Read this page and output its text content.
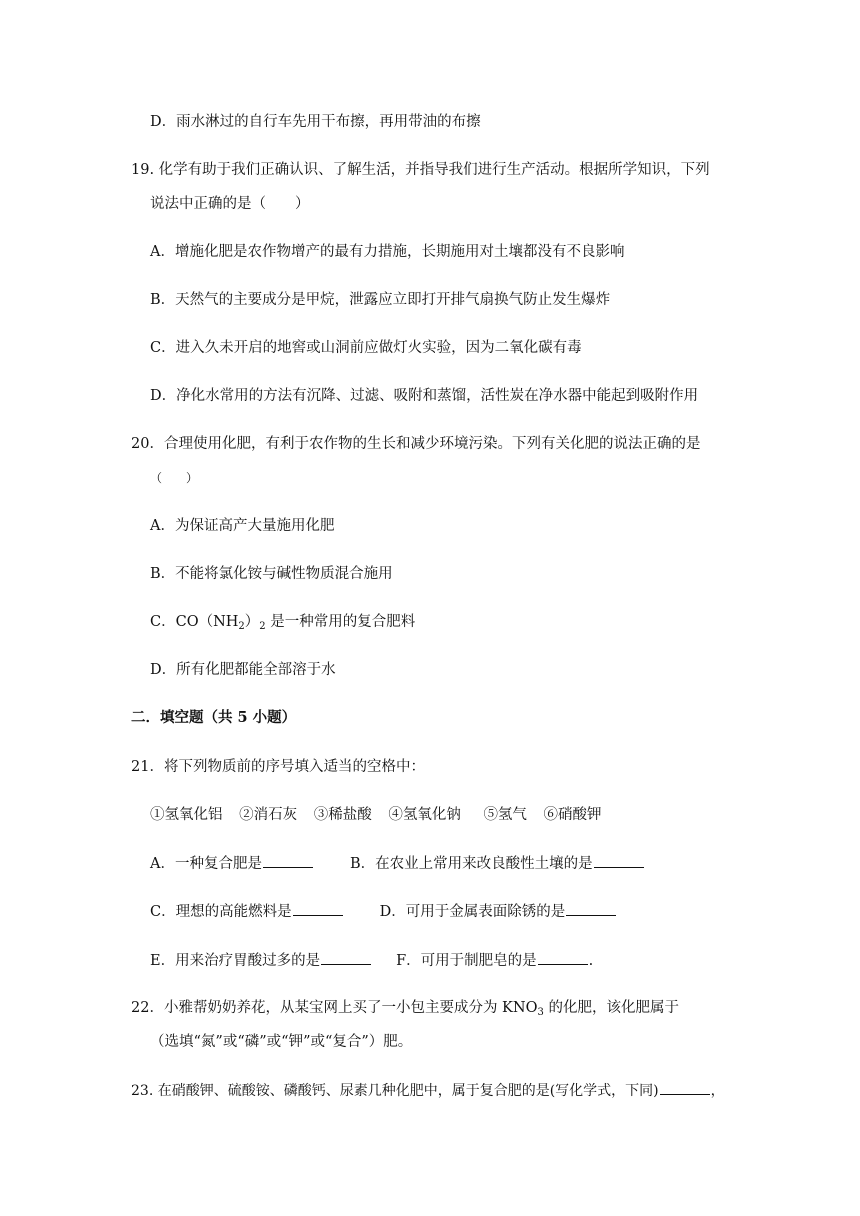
D．雨水淋过的自行车先用干布擦，再用带油的布擦
19. 化学有助于我们正确认识、了解生活，并指导我们进行生产活动。根据所学知识，下列
说法中正确的是（　　）
A．增施化肥是农作物增产的最有力措施，长期施用对土壤都没有不良影响
B．天然气的主要成分是甲烷，泄露应立即打开排气扇换气防止发生爆炸
C．进入久未开启的地窖或山洞前应做灯火实验，因为二氧化碳有毒
D．净化水常用的方法有沉降、过滤、吸附和蒸馏，活性炭在净水器中能起到吸附作用
20．合理使用化肥，有利于农作物的生长和减少环境污染。下列有关化肥的说法正确的是
（　　）
A．为保证高产大量施用化肥
B．不能将氯化铵与碱性物质混合施用
C．$CO(NH_2)_2$ 是一种常用的复合肥料
D．所有化肥都能全部溶于水
二．填空题（共 5 小题）
21．将下列物质前的序号填入适当的空格中：
①氢氧化铝 ②消石灰 ③稀盐酸 ④氢氧化钠 ⑤氢气 ⑥硝酸钾
A．一种复合肥是	B．在农业上常用来改良酸性土壤的是
C．理想的高能燃料是	D．可用于金属表面除锈的是
E．用来治疗胃酸过多的是	F．可用于制肥皂的是	.
22．小雅帮奶奶养花，从某宝网上买了一小包主要成分为 $KNO_3$ 的化肥，该化肥属于
（选填“氮”或“磷”或“钾”或“复合”）肥。
23. 在硝酸钾、硫酸铵、磷酸钙、尿素几种化肥中，属于复合肥的是(写化学式，下同)	，
